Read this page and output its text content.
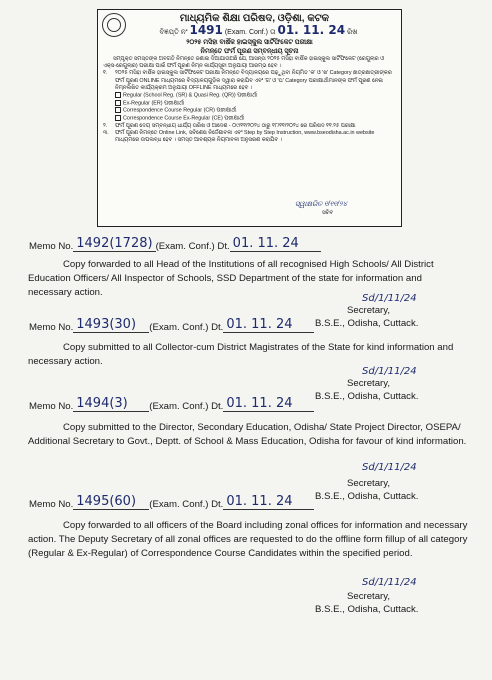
ମାଧ୍ୟମିକ ଶିକ୍ଷା ପରିଷଦ, ଓଡ଼ିଶା, କଟକ
ବିଜ୍ଞପ୍ତି ନଂ 1491 (Exam. Conf.) ତା 01. 11. 24 ରିଖ
୨୦୨୫ ମସିହା ବାର୍ଷିକ ହାଇସ୍କୁଲ ସାର୍ଟିଫିକେଟ ପରୀକ୍ଷା
ନିମନ୍ତେ ଫର୍ମ ପୂରଣ ସମ୍ବନ୍ଧୀୟ ସୂଚନା

ସମ୍ପୃକ୍ତ ସମସ୍ତଙ୍କ ଅବଗତି ନିମନ୍ତେ ଜଣାଇ ଦିଆଯାଉଅଛି ଯେ, ଆସନ୍ତା ୨୦୨୫ ମସିହା ବାର୍ଷିକ ହାଇସ୍କୁଲ ସାର୍ଟିଫିକେଟ (ରେଗୁଲାର ଓ ଏକ୍ସ-ରେଗୁଲାର) ପରୀକ୍ଷା ପାଇଁ ଫର୍ମ ପୂରଣ ନିମ୍ନ କାର୍ଯ୍ୟସୂଚୀ ଅନୁଯାୟୀ ଆରମ୍ଭ ହେବ ।

୧.	୨୦୨୫ ମସିହା ବାର୍ଷିକ ହାଇସ୍କୁଲ ସାର୍ଟିଫିକେଟ ପରୀକ୍ଷା ନିମନ୍ତେ ବିଦ୍ୟାଳୟରେ ପଢ଼ୁଥିବା ନିୟମିତ 'କ' ଓ 'ଖ' Category ଛାତ୍ରଛାତ୍ରୀଙ୍କର ଫର୍ମ ପୂରଣ ONLINE ମାଧ୍ୟମରେ ବିଦ୍ୟାଳୟଗୁଡ଼ିକ ଦ୍ୱାରା କରାଯିବ ଏବଂ 'ଗ' ଓ 'ଘ' Category ପରୀକ୍ଷାର୍ଥୀମାନଙ୍କ ଫର୍ମ ପୂରଣ ନେଇ ନିମ୍ନଲିଖିତ କାର୍ଯ୍ୟକ୍ରମ ଅନୁଯାୟୀ OFFLINE ମାଧ୍ୟମରେ ହେବ ।
Regular (School Reg. (SR) & Quasi Reg. (QR)) ପରୀକ୍ଷାର୍ଥୀ
Ex-Regular (ER) ପରୀକ୍ଷାର୍ଥୀ
Correspondence Course Regular (CR) ପରୀକ୍ଷାର୍ଥୀ
Correspondence Course Ex-Regular (CE) ପରୀକ୍ଷାର୍ଥୀ
୨.	ଫର୍ମ ପୂରଣ ଦେୟ ସମ୍ବନ୍ଧୀୟ ଧାର୍ଯ୍ୟ ତାରିଖ ଓ ଆଦେଶ - ୦୯/୧୧/୨୦୨୪ ଠାରୁ ୧୮/୧୧/୨୦୨୪ ରେ ପରିଷଦ ୧୧.୨୫ ପରୀକ୍ଷା
୩.	ଫର୍ମ ପୂରଣ ନିମନ୍ତେ Online Link, ସବିଶେଷ ନିର୍ଦ୍ଦେଶାବଳୀ ଏବଂ Step by Step Instruction, www.bseodisha.ac.in website ମାଧ୍ୟମରେ ଉପଲବ୍ଧ ହେବ । ସମସ୍ତ ଆବଶ୍ୟକ ନିୟମାବଳୀ ଅନୁସରଣ କରାଯିବ ।
ସ୍ୱାକ୍ଷରିତ ୧/୧୧/୨୪
ସଚିବ
Memo No. 1492(1728) (Exam. Conf.) Dt. 01. 11. 24

Copy forwarded to all Head of the Institutions of all recognised High Schools/ All District Education Officers/ All Inspector of Schools, SSD Department of the state for information and necessary action.

Sd/1/11/24
Secretary,
B.S.E., Odisha, Cuttack.
Memo No. 1493(30)	(Exam. Conf.) Dt. 01. 11. 24

Copy submitted to all Collector-cum District Magistrates of the State for kind information and necessary action.

Sd/1/11/24
Secretary,
B.S.E., Odisha, Cuttack.
Memo No. 1494(3)	(Exam. Conf.) Dt. 01. 11. 24

Copy submitted to the Director, Secondary Education, Odisha/ State Project Director, OSEPA/ Additional Secretary to Govt., Deptt. of School & Mass Education, Odisha for favour of kind information.

Sd/1/11/24
Secretary,
B.S.E., Odisha, Cuttack.
Memo No. 1495(60)	(Exam. Conf.) Dt. 01. 11. 24

Copy forwarded to all officers of the Board including zonal offices for information and necessary action. The Deputy Secretary of all zonal offices are requested to do the offline form fillup of all category (Regular & Ex-Regular) of Correspondence Course Candidates within the specified period.

Sd/1/11/24
Secretary,
B.S.E., Odisha, Cuttack.
